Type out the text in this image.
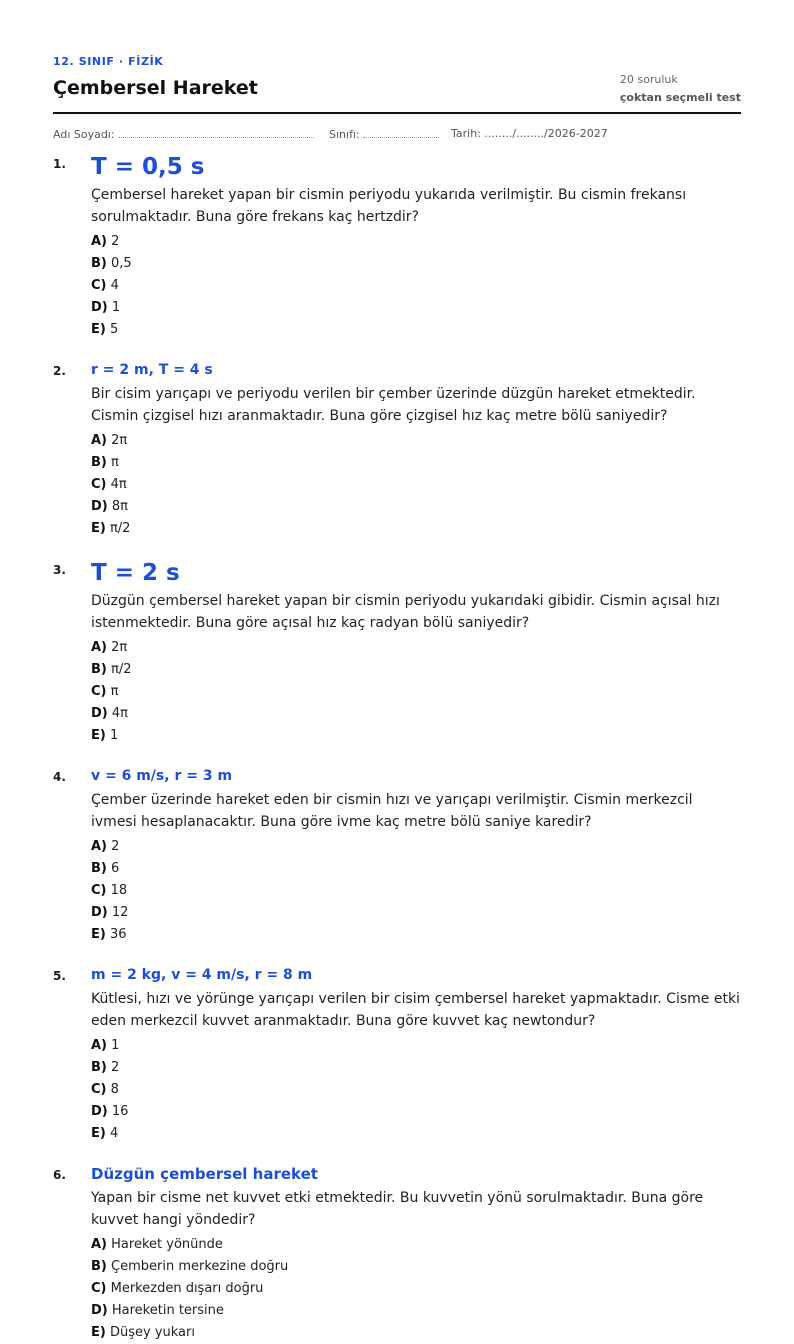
12. SINIF · FİZİK
Çembersel Hareket	20 soruluk
çoktan seçmeli test
Adı Soyadı:	Sınıfı:	Tarih: ......../......../2026-2027
1. T = 0,5 s
Çembersel hareket yapan bir cismin periyodu yukarıda verilmiştir. Bu cismin frekansı sorulmaktadır. Buna göre frekans kaç hertzdir?
A) 2
B) 0,5
C) 4
D) 1
E) 5
2. r = 2 m, T = 4 s
Bir cisim yarıçapı ve periyodu verilen bir çember üzerinde düzgün hareket etmektedir. Cismin çizgisel hızı aranmaktadır. Buna göre çizgisel hız kaç metre bölü saniyedir?
A) 2π
B) π
C) 4π
D) 8π
E) π/2
3. T = 2 s
Düzgün çembersel hareket yapan bir cismin periyodu yukarıdaki gibidir. Cismin açısal hızı istenmektedir. Buna göre açısal hız kaç radyan bölü saniyedir?
A) 2π
B) π/2
C) π
D) 4π
E) 1
4. v = 6 m/s, r = 3 m
Çember üzerinde hareket eden bir cismin hızı ve yarıçapı verilmiştir. Cismin merkezcil ivmesi hesaplanacaktır. Buna göre ivme kaç metre bölü saniye karedir?
A) 2
B) 6
C) 18
D) 12
E) 36
5. m = 2 kg, v = 4 m/s, r = 8 m
Kütlesi, hızı ve yörünge yarıçapı verilen bir cisim çembersel hareket yapmaktadır. Cisme etki eden merkezcil kuvvet aranmaktadır. Buna göre kuvvet kaç newtondur?
A) 1
B) 2
C) 8
D) 16
E) 4
6. Düzgün çembersel hareket
Yapan bir cisme net kuvvet etki etmektedir. Bu kuvvetin yönü sorulmaktadır. Buna göre kuvvet hangi yöndedir?
A) Hareket yönünde
B) Çemberin merkezine doğru
C) Merkezden dışarı doğru
D) Hareketin tersine
E) Düşey yukarı
